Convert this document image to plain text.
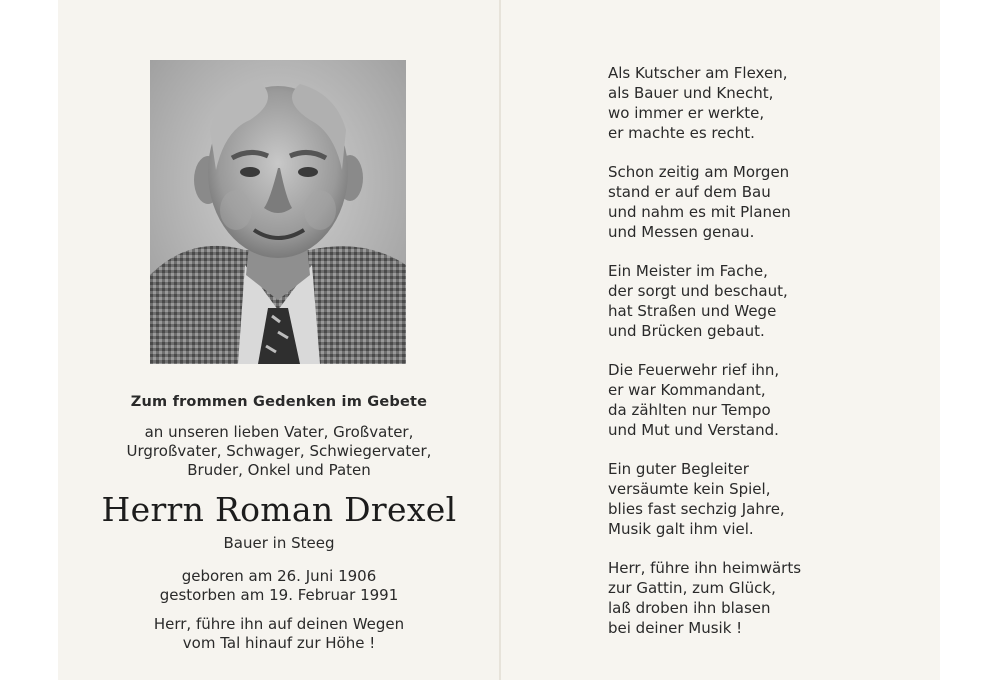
Zum frommen Gedenken im Gebete
an unseren lieben Vater, Großvater,
Urgroßvater, Schwager, Schwiegervater,
Bruder, Onkel und Paten
Herrn Roman Drexel
Bauer in Steeg
geboren am 26. Juni 1906
gestorben am 19. Februar 1991
Herr, führe ihn auf deinen Wegen
vom Tal hinauf zur Höhe !
Als Kutscher am Flexen,
als Bauer und Knecht,
wo immer er werkte,
er machte es recht.
Schon zeitig am Morgen
stand er auf dem Bau
und nahm es mit Planen
und Messen genau.
Ein Meister im Fache,
der sorgt und beschaut,
hat Straßen und Wege
und Brücken gebaut.
Die Feuerwehr rief ihn,
er war Kommandant,
da zählten nur Tempo
und Mut und Verstand.
Ein guter Begleiter
versäumte kein Spiel,
blies fast sechzig Jahre,
Musik galt ihm viel.
Herr, führe ihn heimwärts
zur Gattin, zum Glück,
laß droben ihn blasen
bei deiner Musik !
